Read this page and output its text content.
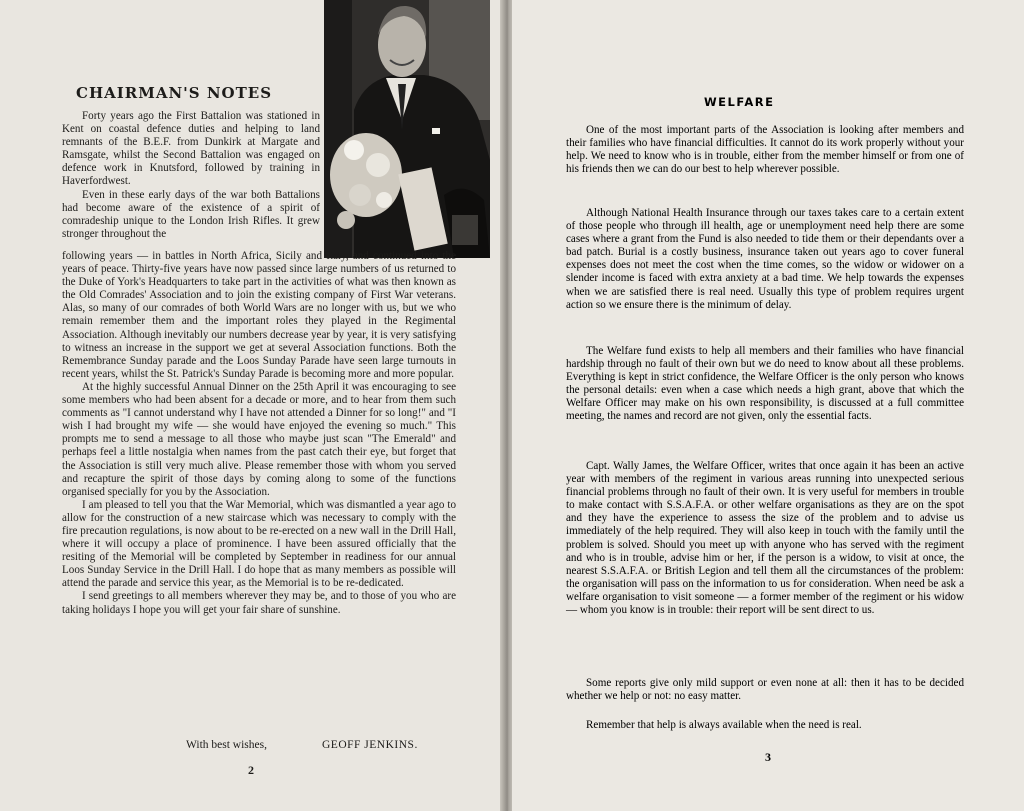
CHAIRMAN'S NOTES

Forty years ago the First Battalion was stationed in Kent on coastal defence duties and helping to land remnants of the B.E.F. from Dunkirk at Margate and Ramsgate, whilst the Second Battalion was engaged on defence work in Knutsford, followed by training in Haverfordwest.

Even in these early days of the war both Battalions had become aware of the existence of a spirit of comradeship unique to the London Irish Rifles. It grew stronger throughout the

following years — in battles in North Africa, Sicily and Italy, and continued into the years of peace. Thirty-five years have now passed since large numbers of us returned to the Duke of York's Headquarters to take part in the activities of what was then known as the Old Comrades' Association and to join the existing company of First War veterans. Alas, so many of our comrades of both World Wars are no longer with us, but we who remain remember them and the important roles they played in the Regimental Association. Although inevitably our numbers decrease year by year, it is very satisfying to witness an increase in the support we get at several Association functions. Both the Remembrance Sunday parade and the Loos Sunday Parade have seen large turnouts in recent years, whilst the St. Patrick's Sunday Parade is becoming more and more popular.

At the highly successful Annual Dinner on the 25th April it was encouraging to see some members who had been absent for a decade or more, and to hear from them such comments as "I cannot understand why I have not attended a Dinner for so long!" and "I wish I had brought my wife — she would have enjoyed the evening so much." This prompts me to send a message to all those who maybe just scan "The Emerald" and perhaps feel a little nostalgia when names from the past catch their eye, but forget that the Association is still very much alive. Please remember those with whom you served and recapture the spirit of those days by coming along to some of the functions organised specially for you by the Association.

I am pleased to tell you that the War Memorial, which was dismantled a year ago to allow for the construction of a new staircase which was necessary to comply with the fire precaution regulations, is now about to be re-erected on a new wall in the Drill Hall, where it will occupy a place of prominence. I have been assured officially that the resiting of the Memorial will be completed by September in readiness for our annual Loos Sunday Service in the Drill Hall. I do hope that as many members as possible will attend the parade and service this year, as the Memorial is to be re-dedicated.

I send greetings to all members wherever they may be, and to those of you who are taking holidays I hope you will get your fair share of sunshine.

With best wishes,	GEOFF JENKINS.
2
WELFARE

One of the most important parts of the Association is looking after members and their families who have financial difficulties. It cannot do its work properly without your help. We need to know who is in trouble, either from the member himself or from one of his friends then we can do our best to help wherever possible.

Although National Health Insurance through our taxes takes care to a certain extent of those people who through ill health, age or unemployment need help there are some cases where a grant from the Fund is also needed to tide them or their dependants over a bad patch. Burial is a costly business, insurance taken out years ago to cover funeral expenses does not meet the cost when the time comes, so the widow or widower on a slender income is faced with extra anxiety at a bad time. We help towards the expenses when we are satisfied there is real need. Usually this type of problem requires urgent action so we ensure there is the minimum of delay.

The Welfare fund exists to help all members and their families who have financial hardship through no fault of their own but we do need to know about all these problems. Everything is kept in strict confidence, the Welfare Officer is the only person who knows the personal details: even when a case which needs a high grant, above that which the Welfare Officer may make on his own responsibility, is discussed at a full committee meeting, the names and record are not given, only the essential facts.

Capt. Wally James, the Welfare Officer, writes that once again it has been an active year with members of the regiment in various areas running into unexpected serious financial problems through no fault of their own. It is very useful for members in trouble to make contact with S.S.A.F.A. or other welfare organisations as they are on the spot and they have the experience to assess the size of the problem and to advise us immediately of the help required. They will also keep in touch with the family until the problem is solved. Should you meet up with anyone who has served with the regiment and who is in trouble, advise him or her, if the person is a widow, to visit at once, the nearest S.S.A.F.A. or British Legion and tell them all the circumstances of the problem: the organisation will pass on the information to us for consideration. When need be ask a welfare organisation to visit someone — a former member of the regiment or his widow — whom you know is in trouble: their report will be sent direct to us.

Some reports give only mild support or even none at all: then it has to be decided whether we help or not: no easy matter.

Remember that help is always available when the need is real.

3
